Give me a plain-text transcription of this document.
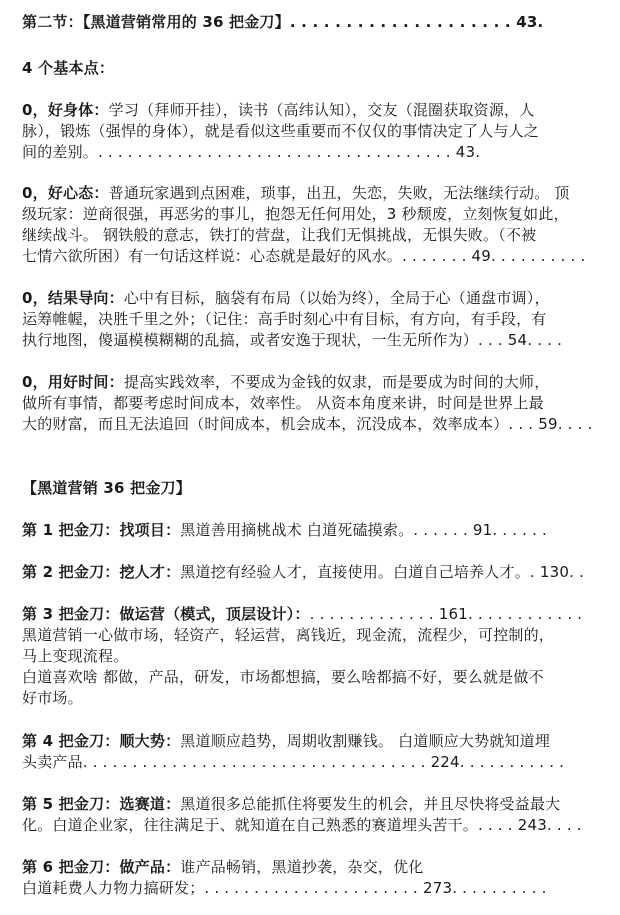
第二节：【黑道营销常用的 36 把金刀】. . . . . . . . . . . . . . . . . . . . 43.
4 个基本点：
0，好身体：学习（拜师开挂），读书（高纬认知），交友（混圈获取资源，人
脉），锻炼（强悍的身体），就是看似这些重要而不仅仅的事情决定了人与人之
间的差别。. . . . . . . . . . . . . . . . . . . . . . . . . . . . . . . . . . . . 43.
0，好心态：普通玩家遇到点困难，琐事，出丑，失恋，失败，无法继续行动。 顶
级玩家：逆商很强，再恶劣的事儿，抱怨无任何用处，3 秒颓废，立刻恢复如此，
继续战斗。 钢铁般的意志，铁打的营盘，让我们无惧挑战，无惧失败。（不被
七情六欲所困）有一句话这样说：心态就是最好的风水。. . . . . . . 49. . . . . . . . . .
0，结果导向：心中有目标，脑袋有布局（以始为终），全局于心（通盘市调），
运筹帷幄，决胜千里之外；（记住：高手时刻心中有目标，有方向，有手段，有
执行地图，傻逼模模糊糊的乱搞，或者安逸于现状，一生无所作为）. . . 54. . . .
0，用好时间：提高实践效率，不要成为金钱的奴隶，而是要成为时间的大师，
做所有事情，都要考虑时间成本，效率性。 从资本角度来讲，时间是世界上最
大的财富，而且无法追回（时间成本，机会成本，沉没成本，效率成本）. . . 59. . . .
【黑道营销 36 把金刀】
第 1 把金刀：找项目：黑道善用摘桃战术 白道死磕摸索。. . . . . . 91. . . . . .
第 2 把金刀：挖人才：黑道挖有经验人才，直接使用。白道自己培养人才。. 130. .
第 3 把金刀：做运营（模式，顶层设计）：. . . . . . . . . . . . . 161. . . . . . . . . . . .
黑道营销一心做市场，轻资产，轻运营，离钱近，现金流，流程少，可控制的，
马上变现流程。
白道喜欢啥 都做，产品，研发，市场都想搞，要么啥都搞不好，要么就是做不
好市场。
第 4 把金刀：顺大势：黑道顺应趋势，周期收割赚钱。 白道顺应大势就知道埋
头卖产品. . . . . . . . . . . . . . . . . . . . . . . . . . . . . . . . . . . 224. . . . . . . . . . .
第 5 把金刀：选赛道：黑道很多总能抓住将要发生的机会，并且尽快将受益最大
化。白道企业家，往往满足于、就知道在自己熟悉的赛道埋头苦干。. . . . 243. . . .
第 6 把金刀：做产品：谁产品畅销，黑道抄袭，杂交，优化
白道耗费人力物力搞研发；. . . . . . . . . . . . . . . . . . . . . . 273. . . . . . . . . .
